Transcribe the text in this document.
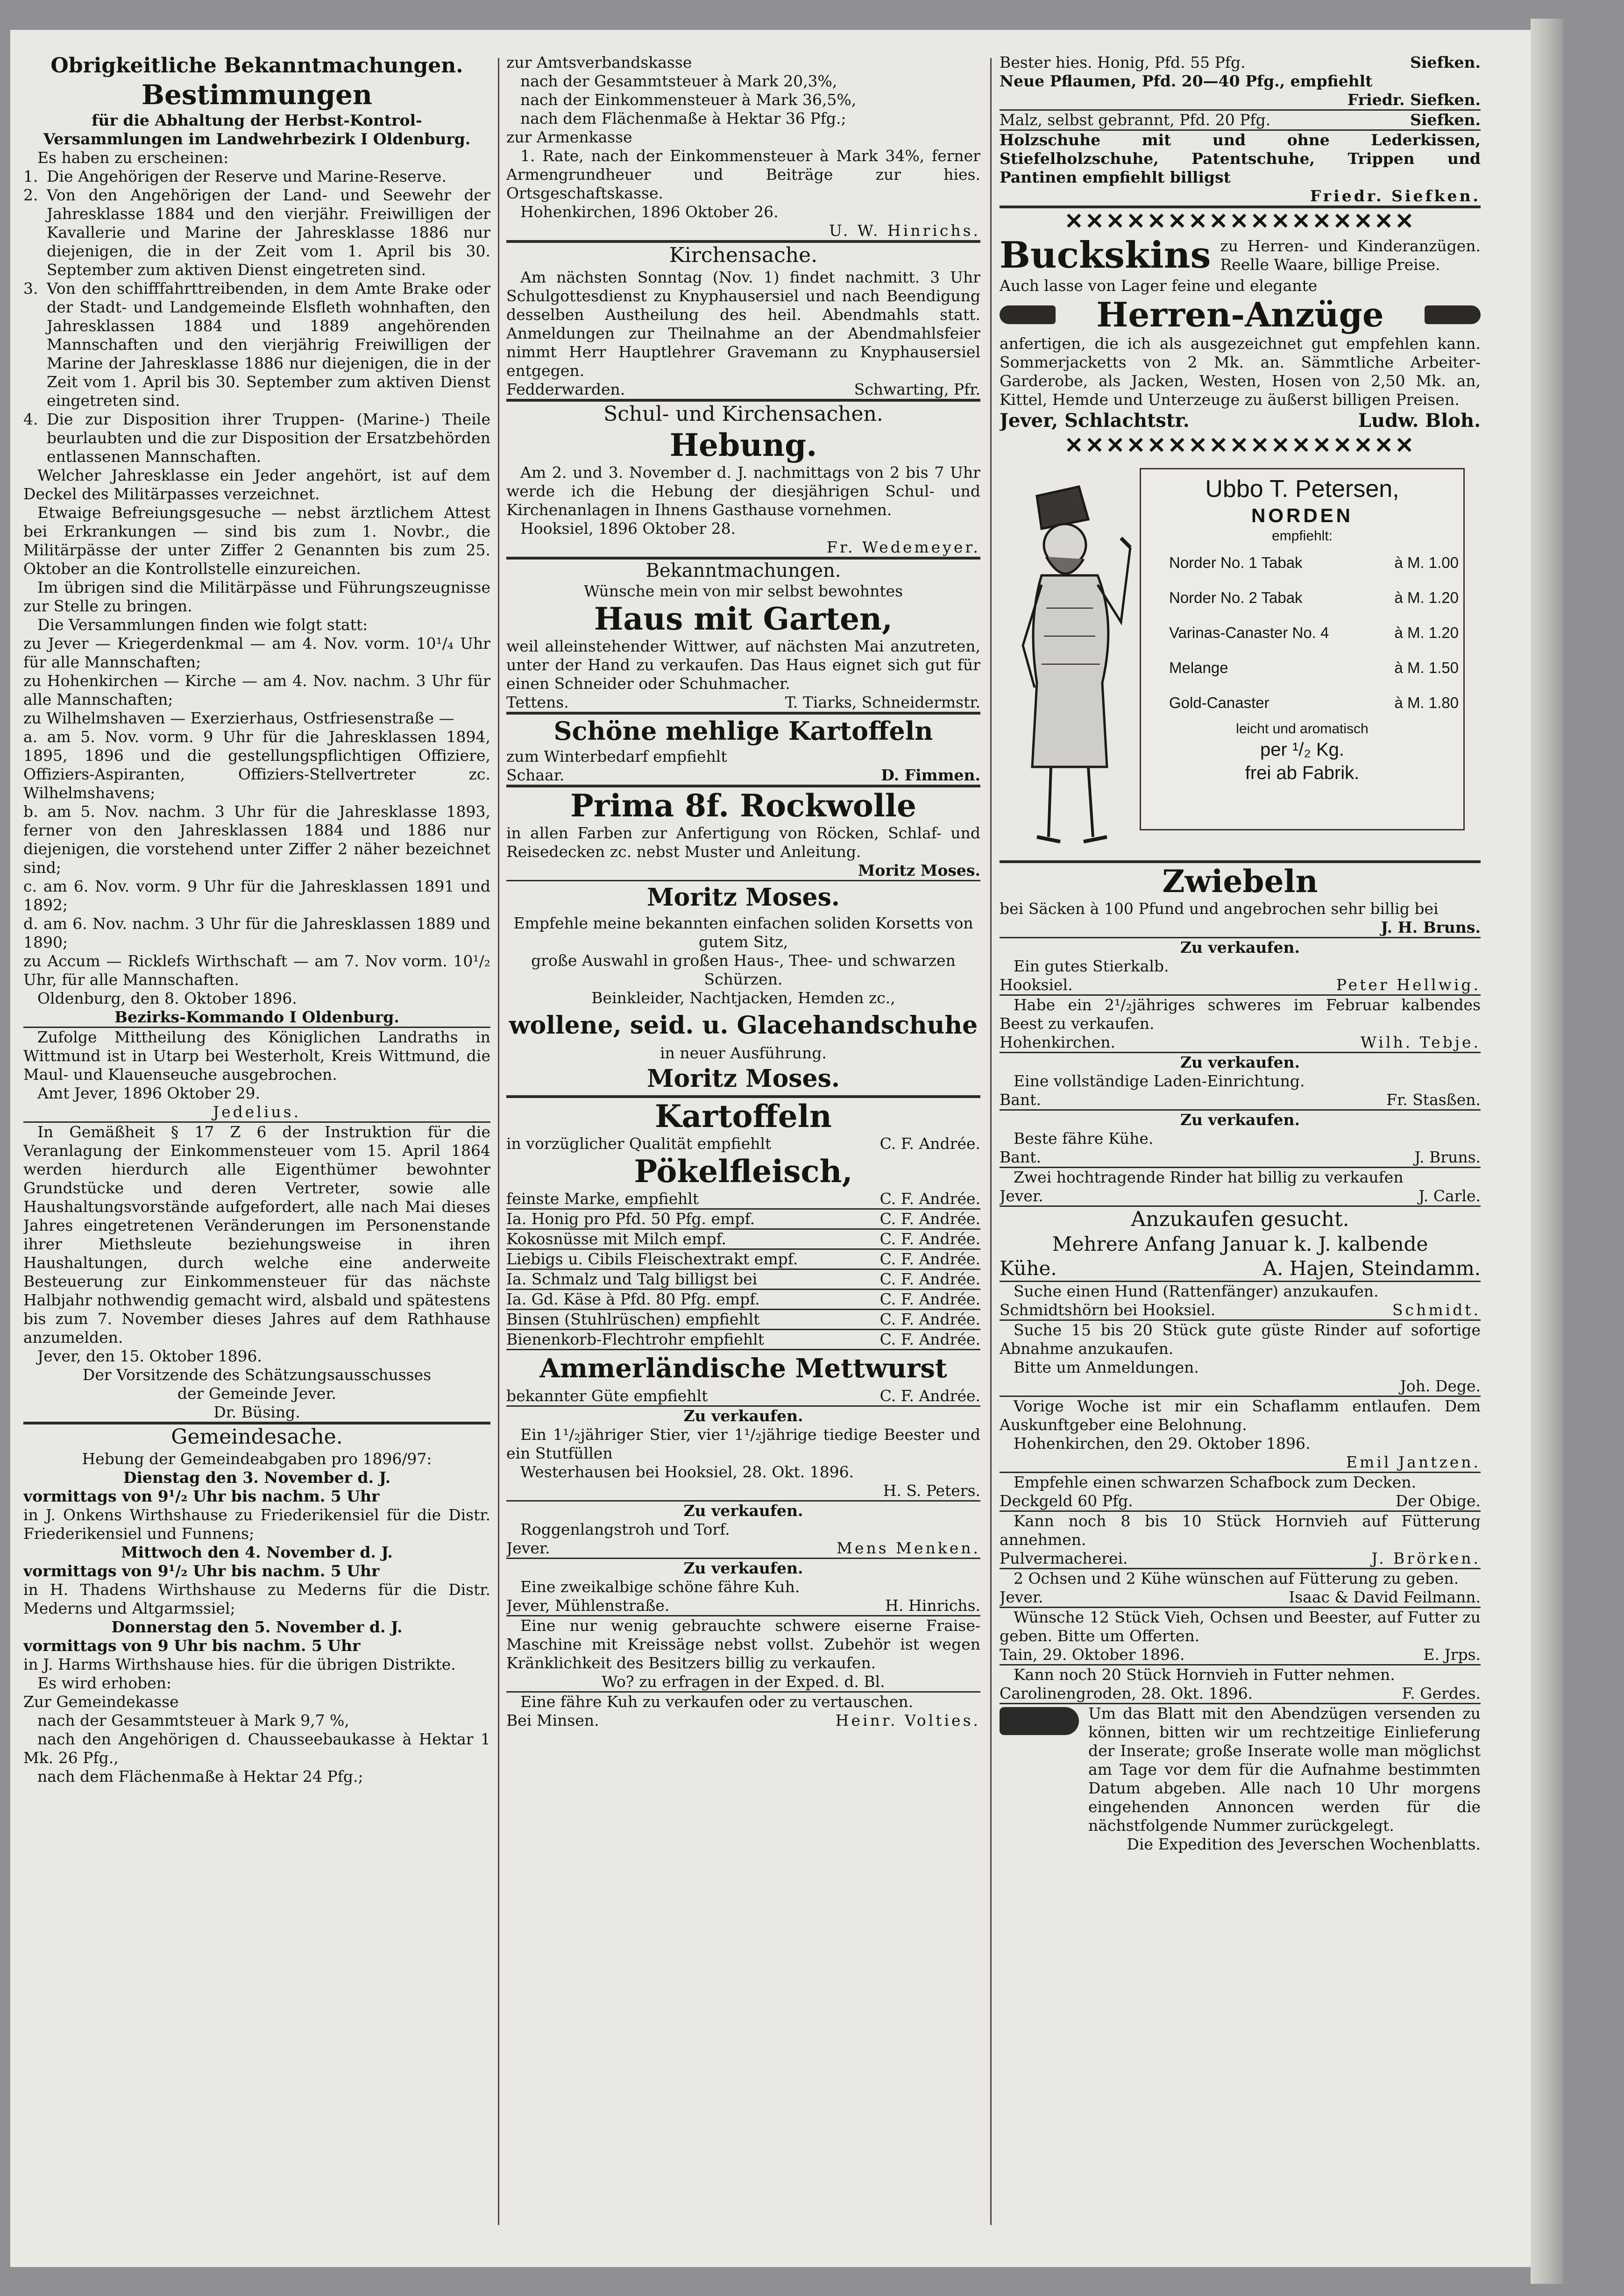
Obrigkeitliche Bekanntmachungen.
Bestimmungen

für die Abhaltung der Herbst-Kontrol-Versammlungen im Landwehrbezirk I Oldenburg.

Es haben zu erscheinen:

1. Die Angehörigen der Reserve und Marine-Reserve.
2. Von den Angehörigen der Land- und Seewehr der Jahresklasse 1884 und den vierjähr. Freiwilligen der Kavallerie und Marine der Jahresklasse 1886 nur diejenigen, die in der Zeit vom 1. April bis 30. September zum aktiven Dienst eingetreten sind.
3. Von den schifffahrttreibenden, in dem Amte Brake oder der Stadt- und Landgemeinde Elsfleth wohnhaften, den Jahresklassen 1884 und 1889 angehörenden Mannschaften und den vierjährig Freiwilligen der Marine der Jahresklasse 1886 nur diejenigen, die in der Zeit vom 1. April bis 30. September zum aktiven Dienst eingetreten sind.
4. Die zur Disposition ihrer Truppen- (Marine-) Theile beurlaubten und die zur Disposition der Ersatzbehörden entlassenen Mannschaften.

Welcher Jahresklasse ein Jeder angehört, ist auf dem Deckel des Militärpasses verzeichnet.

Etwaige Befreiungsgesuche — nebst ärztlichem Attest bei Erkrankungen — sind bis zum 1. Novbr., die Militärpässe der unter Ziffer 2 Genannten bis zum 25. Oktober an die Kontrollstelle einzureichen.

Im übrigen sind die Militärpässe und Führungszeugnisse zur Stelle zu bringen.

Die Versammlungen finden wie folgt statt:

zu Jever — Kriegerdenkmal — am 4. Nov. vorm. 10¹/₄ Uhr für alle Mannschaften;

zu Hohenkirchen — Kirche — am 4. Nov. nachm. 3 Uhr für alle Mannschaften;

zu Wilhelmshaven — Exerzierhaus, Ostfriesenstraße —

a. am 5. Nov. vorm. 9 Uhr für die Jahresklassen 1894, 1895, 1896 und die gestellungspflichtigen Offiziere, Offiziers-Aspiranten, Offiziers-Stellvertreter zc. Wilhelmshavens;

b. am 5. Nov. nachm. 3 Uhr für die Jahresklasse 1893, ferner von den Jahresklassen 1884 und 1886 nur diejenigen, die vorstehend unter Ziffer 2 näher bezeichnet sind;

c. am 6. Nov. vorm. 9 Uhr für die Jahresklassen 1891 und 1892;

d. am 6. Nov. nachm. 3 Uhr für die Jahresklassen 1889 und 1890;

zu Accum — Ricklefs Wirthschaft — am 7. Nov vorm. 10¹/₂ Uhr, für alle Mannschaften.

Oldenburg, den 8. Oktober 1896.

Bezirks-Kommando I Oldenburg.

Zufolge Mittheilung des Königlichen Landraths in Wittmund ist in Utarp bei Westerholt, Kreis Wittmund, die Maul- und Klauenseuche ausgebrochen.

Amt Jever, 1896 Oktober 29.

Jedelius.

In Gemäßheit § 17 Z 6 der Instruktion für die Veranlagung der Einkommensteuer vom 15. April 1864 werden hierdurch alle Eigenthümer bewohnter Grundstücke und deren Vertreter, sowie alle Haushaltungsvorstände aufgefordert, alle nach Mai dieses Jahres eingetretenen Veränderungen im Personenstande ihrer Miethsleute beziehungsweise in ihren Haushaltungen, durch welche eine anderweite Besteuerung zur Einkommensteuer für das nächste Halbjahr nothwendig gemacht wird, alsbald und spätestens bis zum 7. November dieses Jahres auf dem Rathhause anzumelden.

Jever, den 15. Oktober 1896.

Der Vorsitzende des Schätzungsausschusses

der Gemeinde Jever.

Dr. Büsing.

Gemeindesache.

Hebung der Gemeindeabgaben pro 1896/97:

Dienstag den 3. November d. J.

vormittags von 9¹/₂ Uhr bis nachm. 5 Uhr

in J. Onkens Wirthshause zu Friederikensiel für die Distr. Friederikensiel und Funnens;

Mittwoch den 4. November d. J.

vormittags von 9¹/₂ Uhr bis nachm. 5 Uhr

in H. Thadens Wirthshause zu Mederns für die Distr. Mederns und Altgarmssiel;

Donnerstag den 5. November d. J.

vormittags von 9 Uhr bis nachm. 5 Uhr

in J. Harms Wirthshause hies. für die übrigen Distrikte.

Es wird erhoben:

Zur Gemeindekasse

nach der Gesammtsteuer à Mark 9,7 %,

nach den Angehörigen d. Chausseebaukasse à Hektar 1 Mk. 26 Pfg.,

nach dem Flächenmaße à Hektar 24 Pfg.;

zur Amtsverbandskasse

nach der Gesammtsteuer à Mark 20,3%,

nach der Einkommensteuer à Mark 36,5%,

nach dem Flächenmaße à Hektar 36 Pfg.;

zur Armenkasse

1. Rate, nach der Einkommensteuer à Mark 34%, ferner Armengrundheuer und Beiträge zur hies. Ortsgeschaftskasse.

Hohenkirchen, 1896 Oktober 26.

U. W. Hinrichs.

Kirchensache.

Am nächsten Sonntag (Nov. 1) findet nachmitt. 3 Uhr Schulgottesdienst zu Knyphausersiel und nach Beendigung desselben Austheilung des heil. Abendmahls statt. Anmeldungen zur Theilnahme an der Abendmahlsfeier nimmt Herr Hauptlehrer Gravemann zu Knyphausersiel entgegen.

Fedderwarden.	Schwarting, Pfr.
Schul- und Kirchensachen.
Hebung.

Am 2. und 3. November d. J. nachmittags von 2 bis 7 Uhr werde ich die Hebung der diesjährigen Schul- und Kirchenanlagen in Ihnens Gasthause vornehmen.

Hooksiel, 1896 Oktober 28.

Fr. Wedemeyer.

Bekanntmachungen.

Wünsche mein von mir selbst bewohntes

Haus mit Garten,

weil alleinstehender Wittwer, auf nächsten Mai anzutreten, unter der Hand zu verkaufen. Das Haus eignet sich gut für einen Schneider oder Schuhmacher.

Tettens.	T. Tiarks, Schneidermstr.
Schöne mehlige Kartoffeln

zum Winterbedarf empfiehlt

Schaar.	D. Fimmen.
Prima 8f. Rockwolle

in allen Farben zur Anfertigung von Röcken, Schlaf- und Reisedecken zc. nebst Muster und Anleitung.

Moritz Moses.

Moritz Moses.

Empfehle meine bekannten einfachen soliden Korsetts von gutem Sitz,

große Auswahl in großen Haus-, Thee- und schwarzen Schürzen.

Beinkleider, Nachtjacken, Hemden zc.,

wollene, seid. u. Glacehandschuhe

in neuer Ausführung.

Moritz Moses.
Kartoffeln
in vorzüglicher Qualität empfiehlt	C. F. Andrée.
Pökelfleisch,
feinste Marke, empfiehlt	C. F. Andrée.
Ia. Honig pro Pfd. 50 Pfg. empf.	C. F. Andrée.
Kokosnüsse mit Milch empf.	C. F. Andrée.
Liebigs u. Cibils Fleischextrakt empf.	C. F. Andrée.
Ia. Schmalz und Talg billigst bei	C. F. Andrée.
Ia. Gd. Käse à Pfd. 80 Pfg. empf.	C. F. Andrée.
Binsen (Stuhlrüschen) empfiehlt	C. F. Andrée.
Bienenkorb-Flechtrohr empfiehlt	C. F. Andrée.
Ammerländische Mettwurst
bekannter Güte empfiehlt	C. F. Andrée.

Zu verkaufen.

Ein 1¹/₂jähriger Stier, vier 1¹/₂jährige tiedige Beester und ein Stutfüllen

Westerhausen bei Hooksiel, 28. Okt. 1896.

H. S. Peters.

Zu verkaufen.

Roggenlangstroh und Torf.

Jever.	Mens Menken.

Zu verkaufen.

Eine zweikalbige schöne fähre Kuh.

Jever, Mühlenstraße.	H. Hinrichs.

Eine nur wenig gebrauchte schwere eiserne Fraise-Maschine mit Kreissäge nebst vollst. Zubehör ist wegen Kränklichkeit des Besitzers billig zu verkaufen.

Wo? zu erfragen in der Exped. d. Bl.

Eine fähre Kuh zu verkaufen oder zu vertauschen.

Bei Minsen.	Heinr. Volties.
Bester hies. Honig, Pfd. 55 Pfg.	Siefken.
Neue Pflaumen, Pfd. 20—40 Pfg., empfiehlt

Friedr. Siefken.

Malz, selbst gebrannt, Pfd. 20 Pfg.	Siefken.

Holzschuhe mit und ohne Lederkissen, Stiefelholzschuhe, Patentschuhe, Trippen und Pantinen empfiehlt billigst

Friedr. Siefken.

✕✕✕✕✕✕✕✕✕✕✕✕✕✕✕✕✕
Buckskins zu Herren- und Kinderanzügen. Reelle Waare, billige Preise.

Auch lasse von Lager feine und elegante

Herren-Anzüge

anfertigen, die ich als ausgezeichnet gut empfehlen kann. Sommerjacketts von 2 Mk. an. Sämmtliche Arbeiter-Garderobe, als Jacken, Westen, Hosen von 2,50 Mk. an, Kittel, Hemde und Unterzeuge zu äußerst billigen Preisen.

Jever, Schlachtstr.	Ludw. Bloh.
✕✕✕✕✕✕✕✕✕✕✕✕✕✕✕✕✕
Ubbo T. Petersen,
NORDEN
empfiehlt:
Norder No. 1 Tabak	à M. 1.00
Norder No. 2 Tabak	à M. 1.20
Varinas-Canaster No. 4	à M. 1.20
Melange	à M. 1.50
Gold-Canaster	à M. 1.80
leicht und aromatisch
per ¹/₂ Kg.
frei ab Fabrik.
Zwiebeln

bei Säcken à 100 Pfund und angebrochen sehr billig bei

J. H. Bruns.

Zu verkaufen.

Ein gutes Stierkalb.

Hooksiel.	Peter Hellwig.

Habe ein 2¹/₂jähriges schweres im Februar kalbendes Beest zu verkaufen.

Hohenkirchen.	Wilh. Tebje.

Zu verkaufen.

Eine vollständige Laden-Einrichtung.

Bant.	Fr. Stasßen.

Zu verkaufen.

Beste fähre Kühe.

Bant.	J. Bruns.

Zwei hochtragende Rinder hat billig zu verkaufen

Jever.	J. Carle.
Anzukaufen gesucht.

Mehrere Anfang Januar k. J. kalbende

Kühe.	A. Hajen, Steindamm.

Suche einen Hund (Rattenfänger) anzukaufen.

Schmidtshörn bei Hooksiel.	Schmidt.

Suche 15 bis 20 Stück gute güste Rinder auf sofortige Abnahme anzukaufen.

Bitte um Anmeldungen.

Joh. Dege.

Vorige Woche ist mir ein Schaflamm entlaufen. Dem Auskunftgeber eine Belohnung.

Hohenkirchen, den 29. Oktober 1896.

Emil Jantzen.

Empfehle einen schwarzen Schafbock zum Decken.

Deckgeld 60 Pfg.	Der Obige.

Kann noch 8 bis 10 Stück Hornvieh auf Fütterung annehmen.

Pulvermacherei.	J. Brörken.

2 Ochsen und 2 Kühe wünschen auf Fütterung zu geben.

Jever.	Isaac & David Feilmann.

Wünsche 12 Stück Vieh, Ochsen und Beester, auf Futter zu geben. Bitte um Offerten.

Tain, 29. Oktober 1896.	E. Jrps.

Kann noch 20 Stück Hornvieh in Futter nehmen.

Carolinengroden, 28. Okt. 1896.	F. Gerdes.

Um das Blatt mit den Abendzügen versenden zu können, bitten wir um rechtzeitige Einlieferung der Inserate; große Inserate wolle man möglichst am Tage vor dem für die Aufnahme bestimmten Datum abgeben. Alle nach 10 Uhr morgens eingehenden Annoncen werden für die nächstfolgende Nummer zurückgelegt.

Die Expedition des Jeverschen Wochenblatts.
